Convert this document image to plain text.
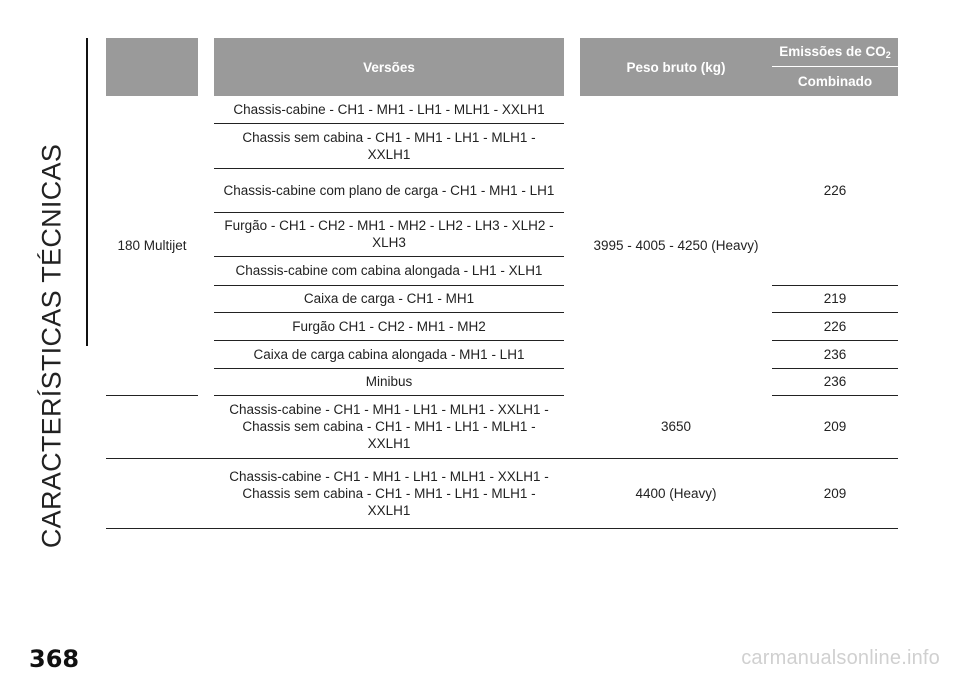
CARACTERÍSTICAS TÉCNICAS
		Versões		Peso bruto (kg)	Emissões de $CO_2$
					Combinado
180 Multijet		Chassis-cabine - CH1 - MH1 - LH1 - MLH1 - XXLH1		3995 - 4005 - 4250 (Heavy)	226
		Chassis sem cabina - CH1 - MH1 - LH1 - MLH1 - XXLH1			
		Chassis-cabine com plano de carga - CH1 - MH1 - LH1			
		Furgão - CH1 - CH2 - MH1 - MH2 - LH2 - LH3 - XLH2 - XLH3			
		Chassis-cabine com cabina alongada - LH1 - XLH1			
		Caixa de carga - CH1 - MH1			219
		Furgão CH1 - CH2 - MH1 - MH2			226
		Caixa de carga cabina alongada - MH1 - LH1			236
		Minibus			236
		Chassis-cabine - CH1 - MH1 - LH1 - MLH1 - XXLH1 - Chassis sem cabina - CH1 - MH1 - LH1 - MLH1 - XXLH1		3650	209
		Chassis-cabine - CH1 - MH1 - LH1 - MLH1 - XXLH1 - Chassis sem cabina - CH1 - MH1 - LH1 - MLH1 - XXLH1		4400 (Heavy)	209
368	carmanualsonline.info
